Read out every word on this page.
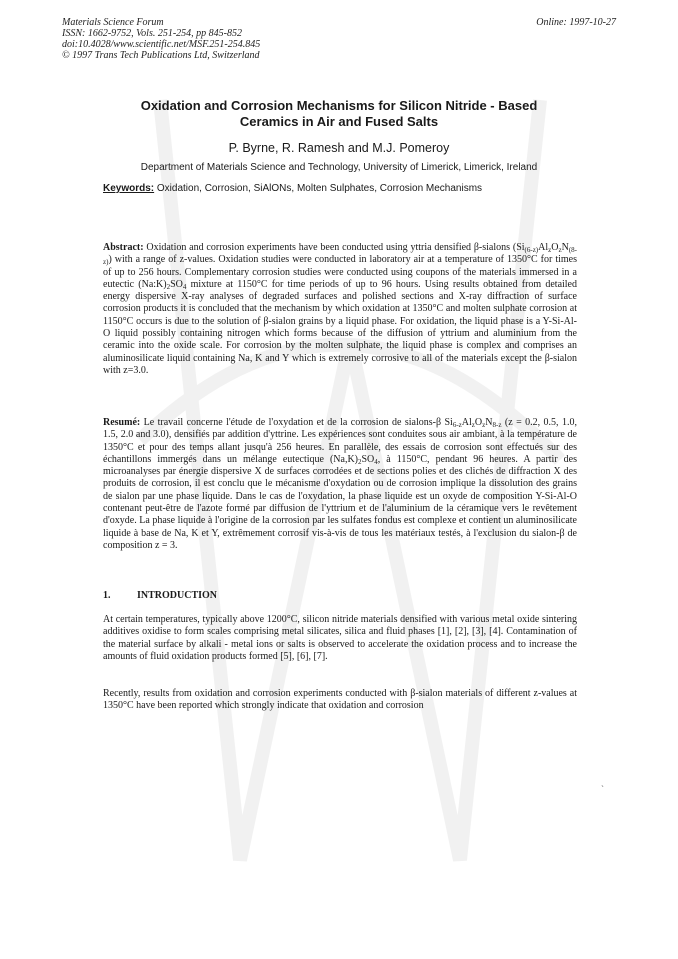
Materials Science Forum
ISSN: 1662-9752, Vols. 251-254, pp 845-852
doi:10.4028/www.scientific.net/MSF.251-254.845
© 1997 Trans Tech Publications Ltd, Switzerland
Online: 1997-10-27
Oxidation and Corrosion Mechanisms for Silicon Nitride - Based
Ceramics in Air and Fused Salts
P. Byrne, R. Ramesh and M.J. Pomeroy
Department of Materials Science and Technology, University of Limerick, Limerick, Ireland
Keywords: Oxidation, Corrosion, SiAlONs, Molten Sulphates, Corrosion Mechanisms
Abstract: Oxidation and corrosion experiments have been conducted using yttria densified β-sialons $(Si_{(6-z)}Al_zO_zN_{(8-z)})$ with a range of z-values. Oxidation studies were conducted in laboratory air at a temperature of 1350°C for times of up to 256 hours. Complementary corrosion studies were conducted using coupons of the materials immersed in a eutectic $(Na:K)_2SO_4$ mixture at 1150°C for time periods of up to 96 hours. Using results obtained from detailed energy dispersive X-ray analyses of degraded surfaces and polished sections and X-ray diffraction of surface corrosion products it is concluded that the mechanism by which oxidation at 1350°C and molten sulphate corrosion at 1150°C occurs is due to the solution of β-sialon grains by a liquid phase. For oxidation, the liquid phase is a Y-Si-Al-O liquid possibly containing nitrogen which forms because of the diffusion of yttrium and aluminium from the ceramic into the oxide scale. For corrosion by the molten sulphate, the liquid phase is complex and comprises an aluminosilicate liquid containing Na, K and Y which is extremely corrosive to all of the materials except the β-sialon with z=3.0.
Resumé: Le travail concerne l'étude de l'oxydation et de la corrosion de sialons-β $Si_{6-z}Al_zO_zN_{8-z}$ (z = 0.2, 0.5, 1.0, 1.5, 2.0 and 3.0), densifiés par addition d'yttrine. Les expériences sont conduites sous air ambiant, à la température de 1350°C et pour des temps allant jusqu'à 256 heures. En parallèle, des essais de corrosion sont effectués sur des échantillons immergés dans un mélange eutectique $(Na,K)_2SO_4$, à 1150°C, pendant 96 heures. A partir des microanalyses par énergie dispersive X de surfaces corrodées et de sections polies et des clichés de diffraction X des produits de corrosion, il est conclu que le mécanisme d'oxydation ou de corrosion implique la dissolution des grains de sialon par une phase liquide. Dans le cas de l'oxydation, la phase liquide est un oxyde de composition Y-Si-Al-O contenant peut-être de l'azote formé par diffusion de l'yttrium et de l'aluminium de la céramique vers le revêtement d'oxyde. La phase liquide à l'origine de la corrosion par les sulfates fondus est complexe et contient un aluminosilicate liquide à base de Na, K et Y, extrêmement corrosif vis-à-vis de tous les matériaux testés, à l'exclusion du sialon-β de composition z = 3.
1.	INTRODUCTION
At certain temperatures, typically above 1200°C, silicon nitride materials densified with various metal oxide sintering additives oxidise to form scales comprising metal silicates, silica and fluid phases [1], [2], [3], [4]. Contamination of the material surface by alkali - metal ions or salts is observed to accelerate the oxidation process and to increase the amounts of fluid oxidation products formed [5], [6], [7].
Recently, results from oxidation and corrosion experiments conducted with β-sialon materials of different z-values at 1350°C have been reported which strongly indicate that oxidation and corrosion
`
